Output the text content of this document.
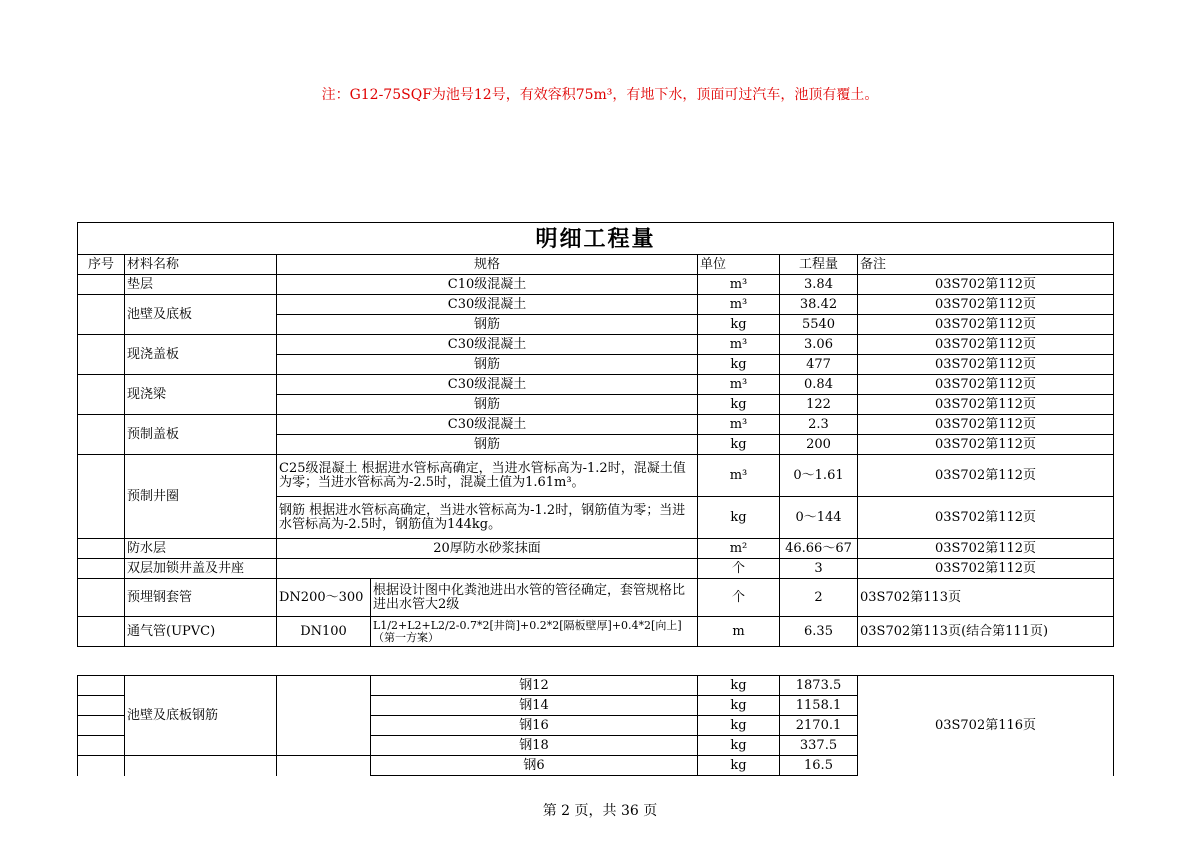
注：G12-75SQF为池号12号，有效容积75m³，有地下水，顶面可过汽车，池顶有覆土。
明细工程量						
序号	材料名称	规格		单位	工程量	备注
	垫层	C10级混凝土		m³	3.84	03S702第112页
	池壁及底板	C30级混凝土		m³	38.42	03S702第112页
		钢筋		kg	5540	03S702第112页
	现浇盖板	C30级混凝土		m³	3.06	03S702第112页
		钢筋		kg	477	03S702第112页
	现浇梁	C30级混凝土		m³	0.84	03S702第112页
		钢筋		kg	122	03S702第112页
	预制盖板	C30级混凝土		m³	2.3	03S702第112页
		钢筋		kg	200	03S702第112页
	预制井圈	C25级混凝土 根据进水管标高确定，当进水管标高为-1.2时，混凝土值为零；当进水管标高为-2.5时，混凝土值为1.61m³。		m³	0～1.61	03S702第112页
		钢筋 根据进水管标高确定，当进水管标高为-1.2时，钢筋值为零；当进水管标高为-2.5时，钢筋值为144kg。		kg	0～144	03S702第112页
	防水层	20厚防水砂浆抹面		m²	46.66～67	03S702第112页
	双层加锁井盖及井座			个	3	03S702第112页
	预埋钢套管	DN200～300	根据设计图中化粪池进出水管的管径确定，套管规格比进出水管大2级	个	2	03S702第113页
	通气管(UPVC)	DN100	L1/2+L2+L2/2-0.7*2[井筒]+0.2*2[隔板壁厚]+0.4*2[向上]（第一方案）	m	6.35	03S702第113页(结合第111页)
	池壁及底板钢筋		钢12	kg	1873.5	03S702第116页
			钢14	kg	1158.1	
			钢16	kg	2170.1	
			钢18	kg	337.5	
			钢6	kg	16.5	
第 2 页，共 36 页
